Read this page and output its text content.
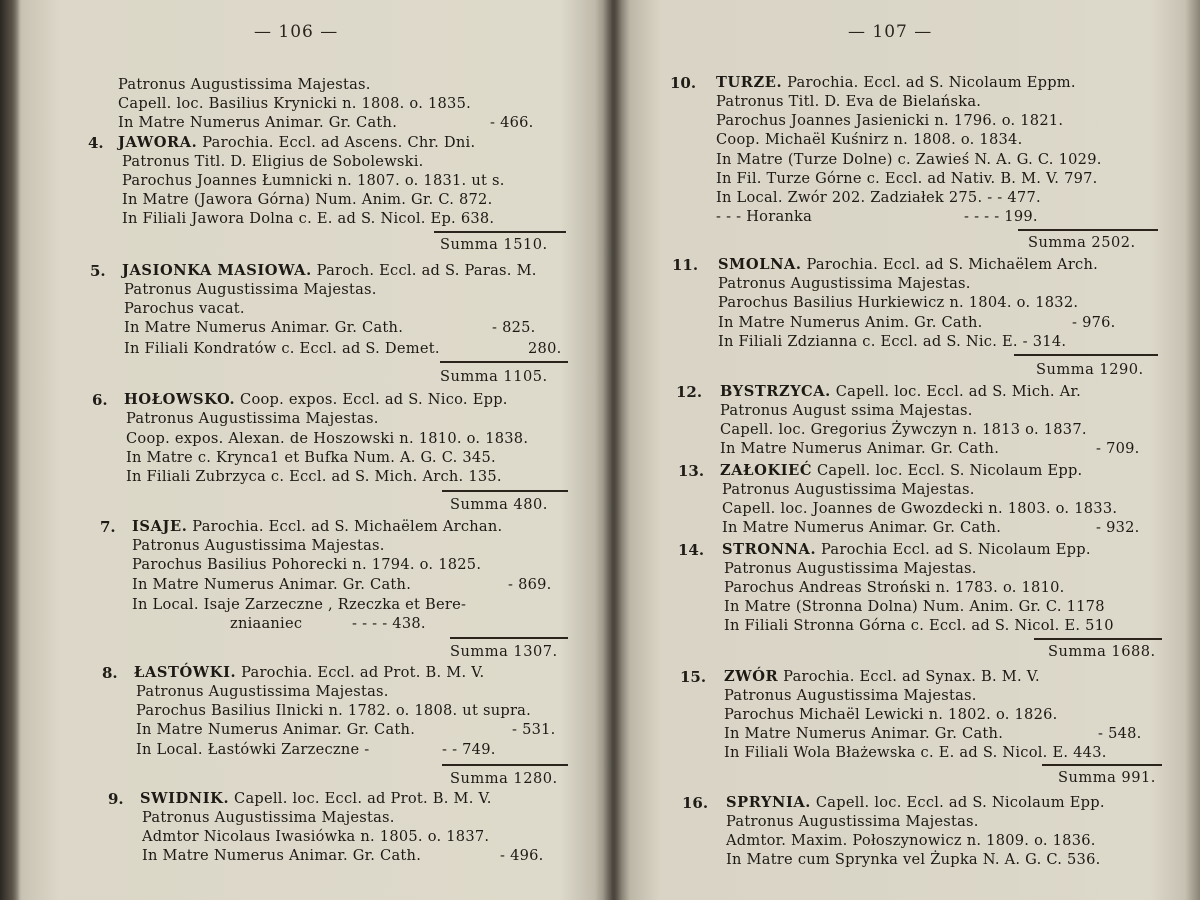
— 106 —
Patronus Augustissima Majestas.
Capell. loc. Basilius Krynicki n. 1808. o. 1835.
In Matre Numerus Animar. Gr. Cath.	- 466.
4. JAWORA. Parochia. Eccl. ad Ascens. Chr. Dni.
Patronus Titl. D. Eligius de Sobolewski.
Parochus Joannes Łumnicki n. 1807. o. 1831. ut s.
In Matre (Jawora Górna) Num. Anim. Gr. C. 872.
In Filiali Jawora Dolna c. E. ad S. Nicol. Ep. 638.
Summa 1510.
5. JASIONKA MASIOWA. Paroch. Eccl. ad S. Paras. M.
Patronus Augustissima Majestas.
Parochus vacat.
In Matre Numerus Animar. Gr. Cath.	- 825.
In Filiali Kondratów c. Eccl. ad S. Demet.	280.
Summa 1105.
6. HOŁOWSKO. Coop. expos. Eccl. ad S. Nico. Epp.
Patronus Augustissima Majestas.
Coop. expos. Alexan. de Hoszowski n. 1810. o. 1838.
In Matre c. Krynca1 et Bufka Num. A. G. C. 345.
In Filiali Zubrzyca c. Eccl. ad S. Mich. Arch. 135.
Summa 480.
7. ISAJE. Parochia. Eccl. ad S. Michaëlem Archan.
Patronus Augustissima Majestas.
Parochus Basilius Pohorecki n. 1794. o. 1825.
In Matre Numerus Animar. Gr. Cath.	- 869.
In Local. Isaje Zarzeczne , Rzeczka et Bere-
zniaaniec	- - - - 438.
Summa 1307.
8. ŁASTÓWKI. Parochia. Eccl. ad Prot. B. M. V.
Patronus Augustissima Majestas.
Parochus Basilius Ilnicki n. 1782. o. 1808. ut supra.
In Matre Numerus Animar. Gr. Cath.	- 531.
In Local. Łastówki Zarzeczne -	- - 749.
Summa 1280.
9. SWIDNIK. Capell. loc. Eccl. ad Prot. B. M. V.
Patronus Augustissima Majestas.
Admtor Nicolaus Iwasiówka n. 1805. o. 1837.
In Matre Numerus Animar. Gr. Cath.	- 496.
— 107 —
10. TURZE. Parochia. Eccl. ad S. Nicolaum Eppm.
Patronus Titl. D. Eva de Bielańska.
Parochus Joannes Jasienicki n. 1796. o. 1821.
Coop. Michaël Kuśnirz n. 1808. o. 1834.
In Matre (Turze Dolne) c. Zawieś N. A. G. C. 1029.
In Fil. Turze Górne c. Eccl. ad Nativ. B. M. V. 797.
In Local. Zwór 202. Zadziałek 275. - - 477.
- - - Horanka	- - - - 199.
Summa 2502.
11. SMOLNA. Parochia. Eccl. ad S. Michaëlem Arch.
Patronus Augustissima Majestas.
Parochus Basilius Hurkiewicz n. 1804. o. 1832.
In Matre Numerus Anim. Gr. Cath.	- 976.
In Filiali Zdzianna c. Eccl. ad S. Nic. E. - 314.
Summa 1290.
12. BYSTRZYCA. Capell. loc. Eccl. ad S. Mich. Ar.
Patronus August ssima Majestas.
Capell. loc. Gregorius Żywczyn n. 1813 o. 1837.
In Matre Numerus Animar. Gr. Cath.	- 709.
13. ZAŁOKIEĆ Capell. loc. Eccl. S. Nicolaum Epp.
Patronus Augustissima Majestas.
Capell. loc. Joannes de Gwozdecki n. 1803. o. 1833.
In Matre Numerus Animar. Gr. Cath.	- 932.
14. STRONNA. Parochia Eccl. ad S. Nicolaum Epp.
Patronus Augustissima Majestas.
Parochus Andreas Stroński n. 1783. o. 1810.
In Matre (Stronna Dolna) Num. Anim. Gr. C. 1178
In Filiali Stronna Górna c. Eccl. ad S. Nicol. E. 510
Summa 1688.
15. ZWÓR Parochia. Eccl. ad Synax. B. M. V.
Patronus Augustissima Majestas.
Parochus Michaël Lewicki n. 1802. o. 1826.
In Matre Numerus Animar. Gr. Cath.	- 548.
In Filiali Wola Błażewska c. E. ad S. Nicol. E. 443.
Summa 991.
16. SPRYNIA. Capell. loc. Eccl. ad S. Nicolaum Epp.
Patronus Augustissima Majestas.
Admtor. Maxim. Połoszynowicz n. 1809. o. 1836.
In Matre cum Sprynka vel Żupka N. A. G. C. 536.
